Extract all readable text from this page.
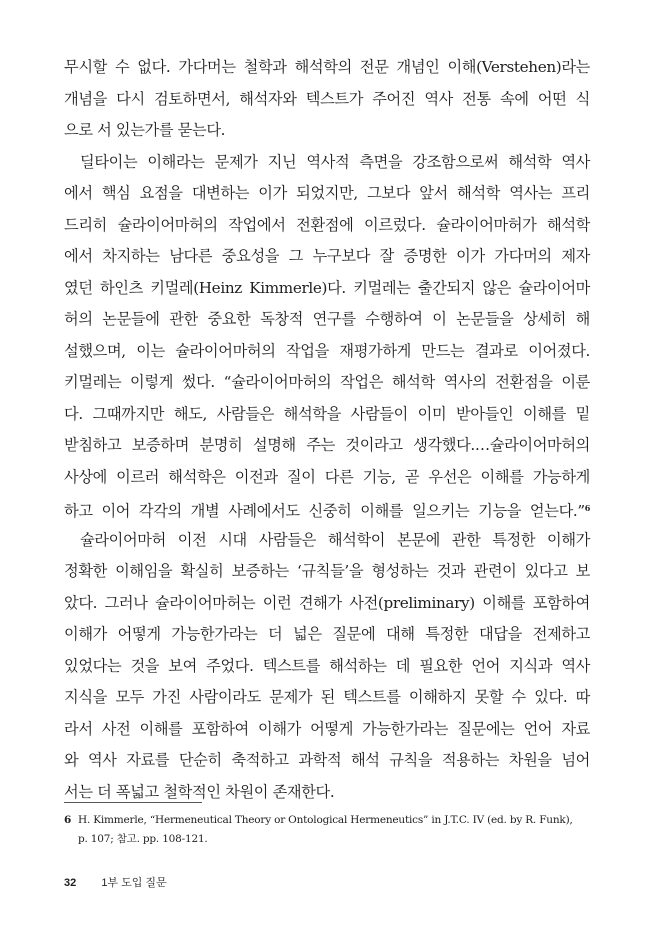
무시할 수 없다. 가다머는 철학과 해석학의 전문 개념인 이해(Verstehen)라는
개념을 다시 검토하면서, 해석자와 텍스트가 주어진 역사 전통 속에 어떤 식
으로 서 있는가를 묻는다.
딜타이는 이해라는 문제가 지닌 역사적 측면을 강조함으로써 해석학 역사
에서 핵심 요점을 대변하는 이가 되었지만, 그보다 앞서 해석학 역사는 프리
드리히 슐라이어마허의 작업에서 전환점에 이르렀다. 슐라이어마허가 해석학
에서 차지하는 남다른 중요성을 그 누구보다 잘 증명한 이가 가다머의 제자
였던 하인츠 키멀레(Heinz Kimmerle)다. 키멀레는 출간되지 않은 슐라이어마
허의 논문들에 관한 중요한 독창적 연구를 수행하여 이 논문들을 상세히 해
설했으며, 이는 슐라이어마허의 작업을 재평가하게 만드는 결과로 이어졌다.
키멀레는 이렇게 썼다. “슐라이어마허의 작업은 해석학 역사의 전환점을 이룬
다. 그때까지만 해도, 사람들은 해석학을 사람들이 이미 받아들인 이해를 밑
받침하고 보증하며 분명히 설명해 주는 것이라고 생각했다.…슐라이어마허의
사상에 이르러 해석학은 이전과 질이 다른 기능, 곧 우선은 이해를 가능하게
하고 이어 각각의 개별 사례에서도 신중히 이해를 일으키는 기능을 얻는다.”$^6$
슐라이어마허 이전 시대 사람들은 해석학이 본문에 관한 특정한 이해가
정확한 이해임을 확실히 보증하는 ‘규칙들’을 형성하는 것과 관련이 있다고 보
았다. 그러나 슐라이어마허는 이런 견해가 사전(preliminary) 이해를 포함하여
이해가 어떻게 가능한가라는 더 넓은 질문에 대해 특정한 대답을 전제하고
있었다는 것을 보여 주었다. 텍스트를 해석하는 데 필요한 언어 지식과 역사
지식을 모두 가진 사람이라도 문제가 된 텍스트를 이해하지 못할 수 있다. 따
라서 사전 이해를 포함하여 이해가 어떻게 가능한가라는 질문에는 언어 자료
와 역사 자료를 단순히 축적하고 과학적 해석 규칙을 적용하는 차원을 넘어
서는 더 폭넓고 철학적인 차원이 존재한다.
6 H. Kimmerle, “Hermeneutical Theory or Ontological Hermeneutics” in J.T.C. IV (ed. by R. Funk),
p. 107; 참고. pp. 108-121.
32 1부 도입 질문
